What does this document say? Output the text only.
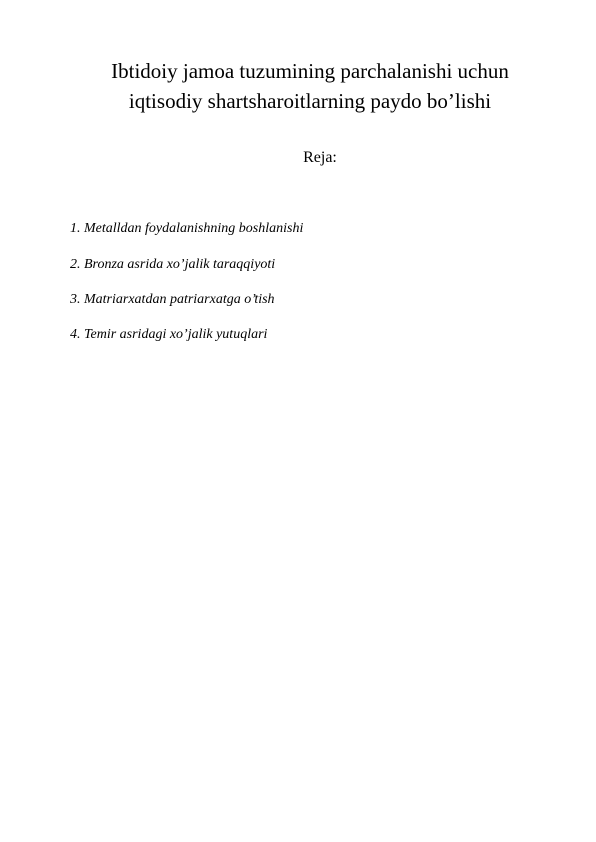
Ibtidoiy jamoa tuzumining parchalanishi uchun
iqtisodiy shartsharoitlarning paydo bo’lishi
Reja:
1. Metalldan foydalanishning boshlanishi
2. Bronza asrida xo’jalik taraqqiyoti
3. Matriarxatdan patriarxatga o’tish
4. Temir asridagi xo’jalik yutuqlari
